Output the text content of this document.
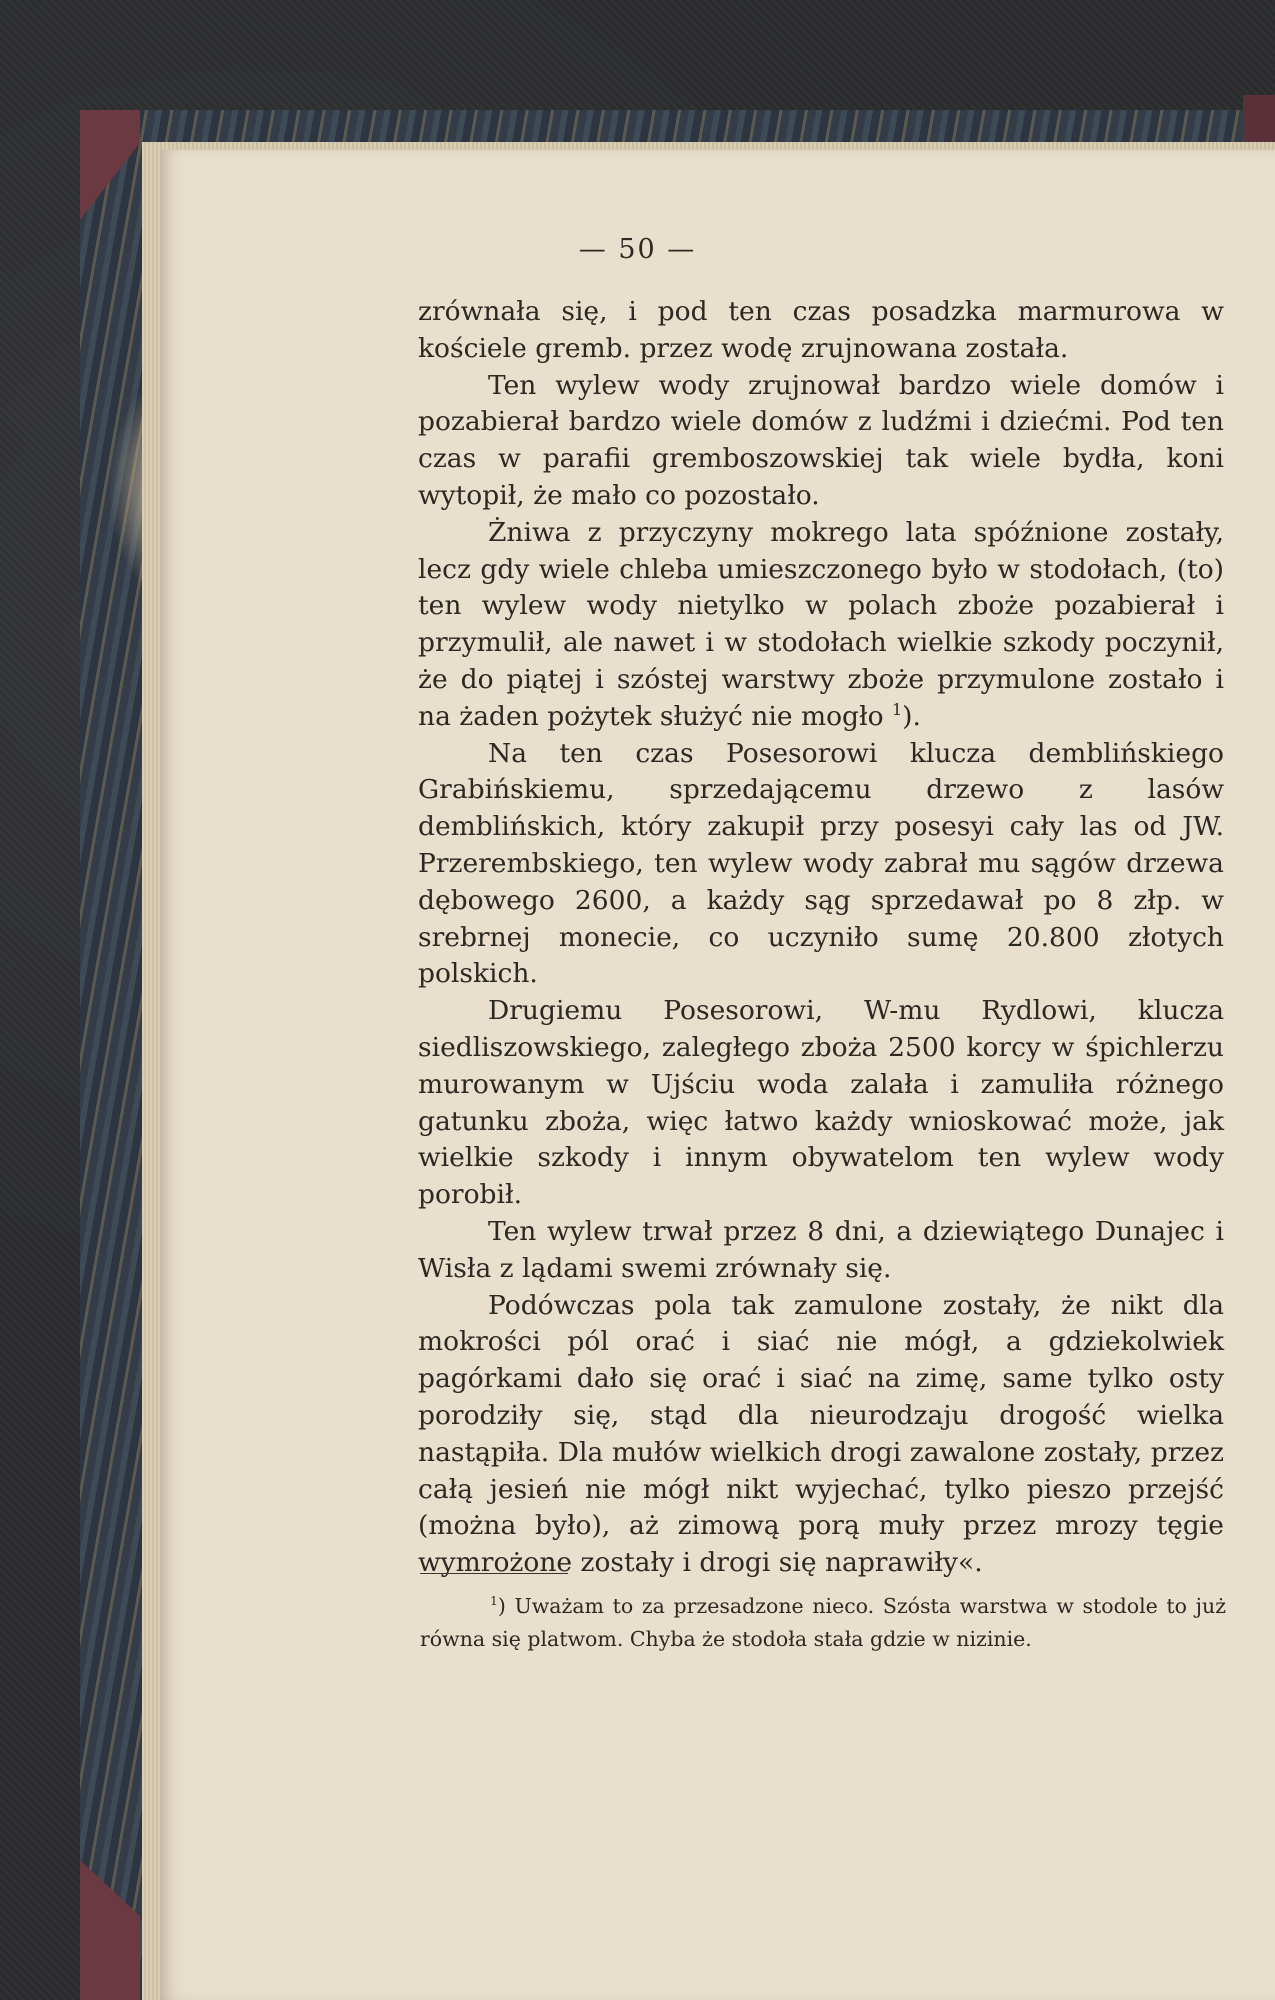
— 50 —

zrównała się, i pod ten czas posadzka marmurowa w kościele gremb. przez wodę zrujnowana została.

Ten wylew wody zrujnował bardzo wiele domów i pozabierał bardzo wiele domów z ludźmi i dziećmi. Pod ten czas w parafii gremboszowskiej tak wiele bydła, koni wytopił, że mało co pozostało.

Żniwa z przyczyny mokrego lata spóźnione zostały, lecz gdy wiele chleba umieszczonego było w stodołach, (to) ten wylew wody nietylko w polach zboże pozabierał i przymulił, ale nawet i w stodołach wielkie szkody poczynił, że do piątej i szóstej warstwy zboże przymulone zostało i na żaden pożytek służyć nie mogło $^1$).

Na ten czas Posesorowi klucza demblińskiego Grabińskiemu, sprzedającemu drzewo z lasów demblińskich, który zakupił przy posesyi cały las od JW. Przerembskiego, ten wylew wody zabrał mu sągów drzewa dębowego 2600, a każdy sąg sprzedawał po 8 złp. w srebrnej monecie, co uczyniło sumę 20.800 złotych polskich.

Drugiemu Posesorowi, W-mu Rydlowi, klucza siedliszowskiego, zaległego zboża 2500 korcy w śpichlerzu murowanym w Ujściu woda zalała i zamuliła różnego gatunku zboża, więc łatwo każdy wnioskować może, jak wielkie szkody i innym obywatelom ten wylew wody porobił.

Ten wylew trwał przez 8 dni, a dziewiątego Dunajec i Wisła z lądami swemi zrównały się.

Podówczas pola tak zamulone zostały, że nikt dla mokrości pól orać i siać nie mógł, a gdziekolwiek pagórkami dało się orać i siać na zimę, same tylko osty porodziły się, stąd dla nieurodzaju drogość wielka nastąpiła. Dla mułów wielkich drogi zawalone zostały, przez całą jesień nie mógł nikt wyjechać, tylko pieszo przejść (można było), aż zimową porą muły przez mrozy tęgie wymrożone zostały i drogi się naprawiły«.

$^1$) Uważam to za przesadzone nieco. Szósta warstwa w stodole to już równa się platwom. Chyba że stodoła stała gdzie w nizinie.
